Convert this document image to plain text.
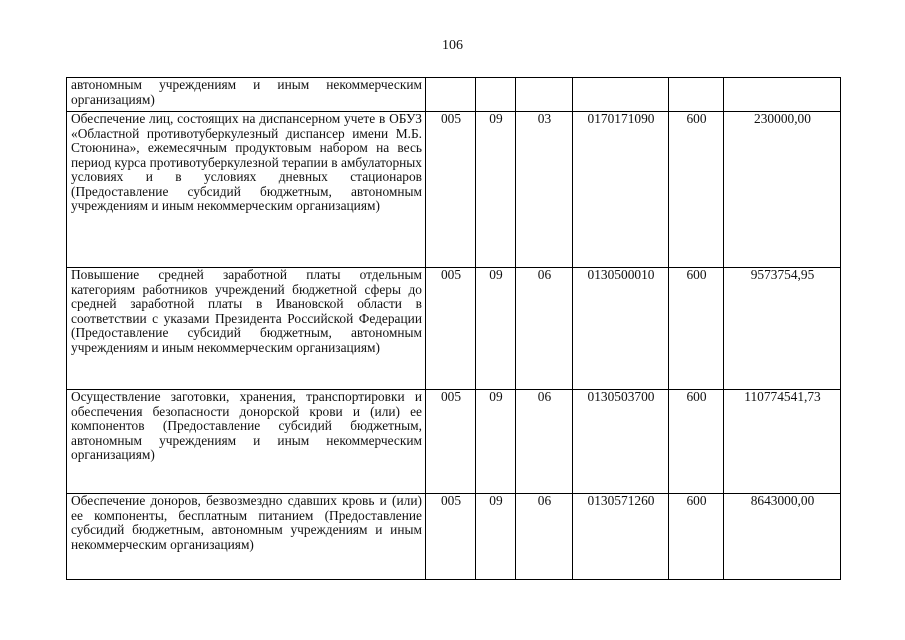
106
автономным учреждениям и иным некоммерческим организациям)						
Обеспечение лиц, состоящих на диспансерном учете в ОБУЗ «Областной противотуберкулезный диспансер имени М.Б. Стоюнина», ежемесячным продуктовым набором на весь период курса противотуберкулезной терапии в амбулаторных условиях и в условиях дневных стационаров (Предоставление субсидий бюджетным, автономным учреждениям и иным некоммерческим организациям)	005	09	03	0170171090	600	230000,00
Повышение средней заработной платы отдельным категориям работников учреждений бюджетной сферы до средней заработной платы в Ивановской области в соответствии с указами Президента Российской Федерации (Предоставление субсидий бюджетным, автономным учреждениям и иным некоммерческим организациям)	005	09	06	0130500010	600	9573754,95
Осуществление заготовки, хранения, транспортировки и обеспечения безопасности донорской крови и (или) ее компонентов (Предоставление субсидий бюджетным, автономным учреждениям и иным некоммерческим организациям)	005	09	06	0130503700	600	110774541,73
Обеспечение доноров, безвозмездно сдавших кровь и (или) ее компоненты, бесплатным питанием (Предоставление субсидий бюджетным, автономным учреждениям и иным некоммерческим организациям)	005	09	06	0130571260	600	8643000,00
